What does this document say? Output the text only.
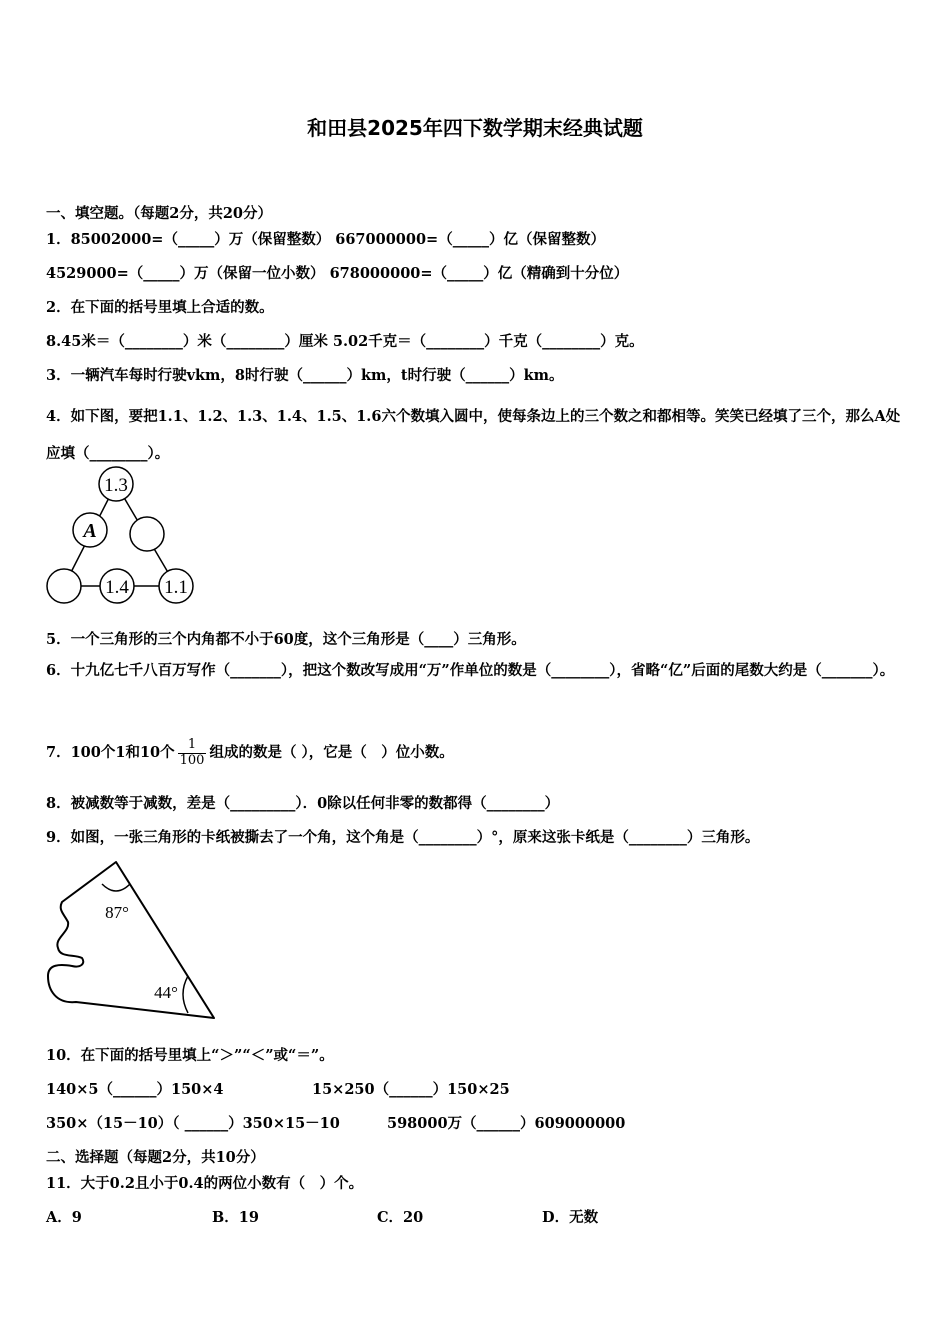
和田县2025年四下数学期末经典试题
一、填空题。（每题2分，共20分）
1．85002000=（_____）万（保留整数） 667000000=（_____）亿（保留整数）
4529000=（_____）万（保留一位小数） 678000000=（_____）亿（精确到十分位）
2．在下面的括号里填上合适的数。
8.45米＝（________）米（________）厘米 5.02千克＝（________）千克（________）克。
3．一辆汽车每时行驶vkm，8时行驶（______）km，t时行驶（______）km。
4．如下图，要把1.1、1.2、1.3、1.4、1.5、1.6六个数填入圆中，使每条边上的三个数之和都相等。笑笑已经填了三个，那么A处应填（________）。
1.3
A
1.4 1.1
5．一个三角形的三个内角都不小于60度，这个三角形是（____）三角形。
6．十九亿七千八百万写作（_______），把这个数改写成用“万”作单位的数是（________），省略“亿”后面的尾数大约是（_______）。
7．100个1和10个 $\frac{1}{100}$ 组成的数是（ ），它是（　）位小数。
8．被减数等于减数，差是（_________）．0除以任何非零的数都得（________）
9．如图，一张三角形的卡纸被撕去了一个角，这个角是（________）°，原来这张卡纸是（________）三角形。
87°
44°
10．在下面的括号里填上“＞”“＜”或“＝”。
140×5（______）150×4	15×250（______）150×25
350×（15－10）（ ______）350×15－10	598000万（______）609000000
二、选择题（每题2分，共10分）
11．大于0.2且小于0.4的两位小数有（　）个。
A．9	B．19	C．20	D．无数
